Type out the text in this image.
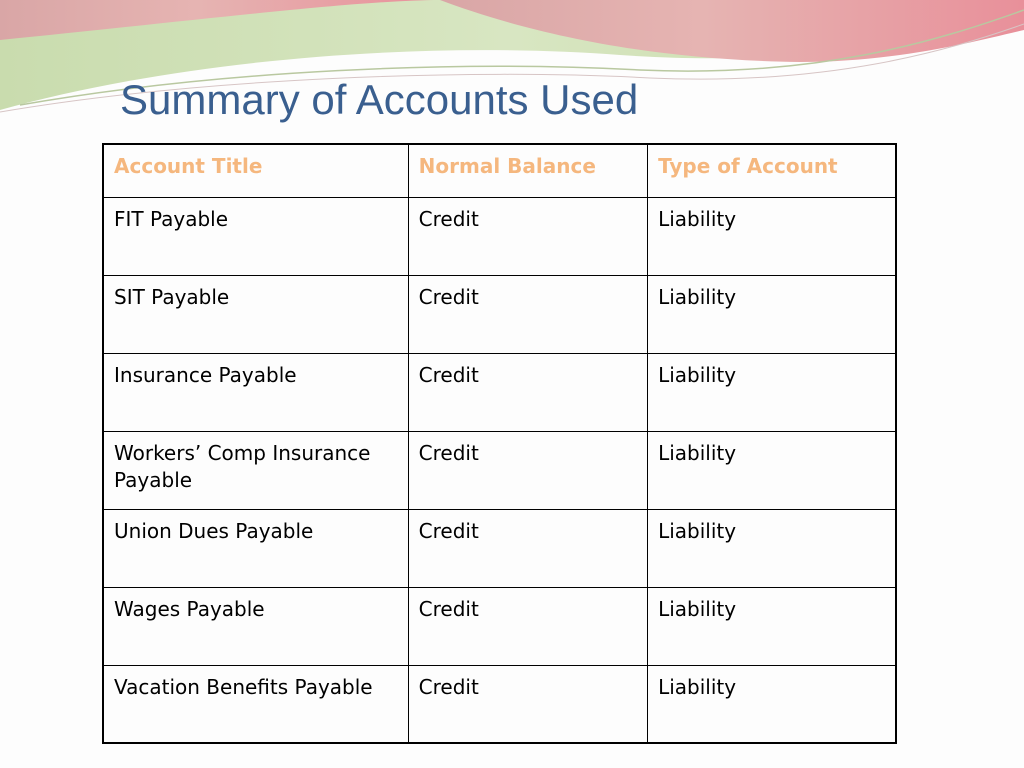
Summary of Accounts Used
Account Title	Normal Balance	Type of Account
FIT Payable	Credit	Liability
SIT Payable	Credit	Liability
Insurance Payable	Credit	Liability
Workers’ Comp Insurance Payable	Credit	Liability
Union Dues Payable	Credit	Liability
Wages Payable	Credit	Liability
Vacation Benefits Payable	Credit	Liability
